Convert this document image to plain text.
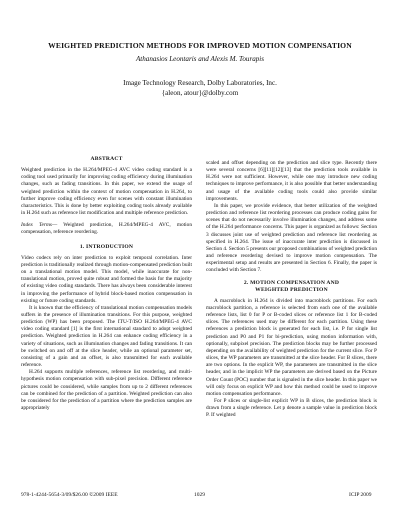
WEIGHTED PREDICTION METHODS FOR IMPROVED MOTION COMPENSATION
Athanasios Leontaris and Alexis M. Tourapis
Image Technology Research, Dolby Laboratories, Inc.
{aleon, atour}@dolby.com
ABSTRACT

Weighted prediction in the H.264/MPEG-4 AVC video coding standard is a coding tool used primarily for improving coding efficiency during illumination changes, such as fading transitions. In this paper, we extend the usage of weighted prediction within the context of motion compensation in H.264, to further improve coding efficiency even for scenes with constant illumination characteristics. This is done by better exploiting coding tools already available in H.264 such as reference list modification and multiple reference prediction.

Index Terms— Weighted prediction, H.264/MPEG-4 AVC, motion compensation, reference reordering.

1. INTRODUCTION

Video codecs rely on inter prediction to exploit temporal correlation. Inter prediction is traditionally realized through motion-compensated prediction built on a translational motion model. This model, while inaccurate for non-translational motion, proved quite robust and formed the basis for the majority of existing video coding standards. There has always been considerable interest in improving the performance of hybrid block-based motion compensation in existing or future coding standards.

It is known that the efficiency of translational motion compensation models suffers in the presence of illumination transitions. For this purpose, weighted prediction (WP) has been proposed. The ITU-T/ISO H.264/MPEG-4 AVC video coding standard [1] is the first international standard to adopt weighted prediction. Weighted prediction in H.264 can enhance coding efficiency in a variety of situations, such as illumination changes and fading transitions. It can be switched on and off at the slice header, while an optional parameter set, consisting of a gain and an offset, is also transmitted for each available reference.

H.264 supports multiple references, reference list reordering, and multi-hypothesis motion compensation with sub-pixel precision. Different reference pictures could be considered, while samples from up to 2 different references can be combined for the prediction of a partition. Weighted prediction can also be considered for the prediction of a partition where the prediction samples are appropriately

scaled and offset depending on the prediction and slice type. Recently there were several concerns [6][11][12][13] that the prediction tools available in H.264 were not sufficient. However, while one may introduce new coding techniques to improve performance, it is also possible that better understanding and usage of the available coding tools could also provide similar improvements.

In this paper, we provide evidence, that better utilization of the weighted prediction and reference list reordering processes can produce coding gains for scenes that do not necessarily involve illumination changes, and address some of the H.264 performance concerns. This paper is organized as follows: Section 3 discusses joint use of weighted prediction and reference list reordering as specified in H.264. The issue of inaccurate inter prediction is discussed in Section 4. Section 5 presents our proposed combinations of weighted prediction and reference reordering devised to improve motion compensation. The experimental setup and results are presented in Section 6. Finally, the paper is concluded with Section 7.

2. MOTION COMPENSATION AND
WEIGHTED PREDICTION

A macroblock in H.264 is divided into macroblock partitions. For each macroblock partition, a reference is selected from each one of the available reference lists, list 0 for P or B-coded slices or reference list 1 for B-coded slices. The references used may be different for each partition. Using these references a prediction block is generated for each list, i.e. P for single list prediction and P0 and P1 for bi-prediction, using motion information with, optionally, subpixel precision. The prediction blocks may be further processed depending on the availability of weighted prediction for the current slice. For P slices, the WP parameters are transmitted at the slice header. For B slices, there are two options. In the explicit WP, the parameters are transmitted in the slice header, and in the implicit WP the parameters are derived based on the Picture Order Count (POC) number that is signaled in the slice header. In this paper we will only focus on explicit WP and how this method could be used to improve motion compensation performance.

For P slices or single-list explicit WP in B slices, the prediction block is drawn from a single reference. Let p denote a sample value in prediction block P. If weighted

978-1-4244-5654-3/09/$26.00 ©2009 IEEE	1029	ICIP 2009
